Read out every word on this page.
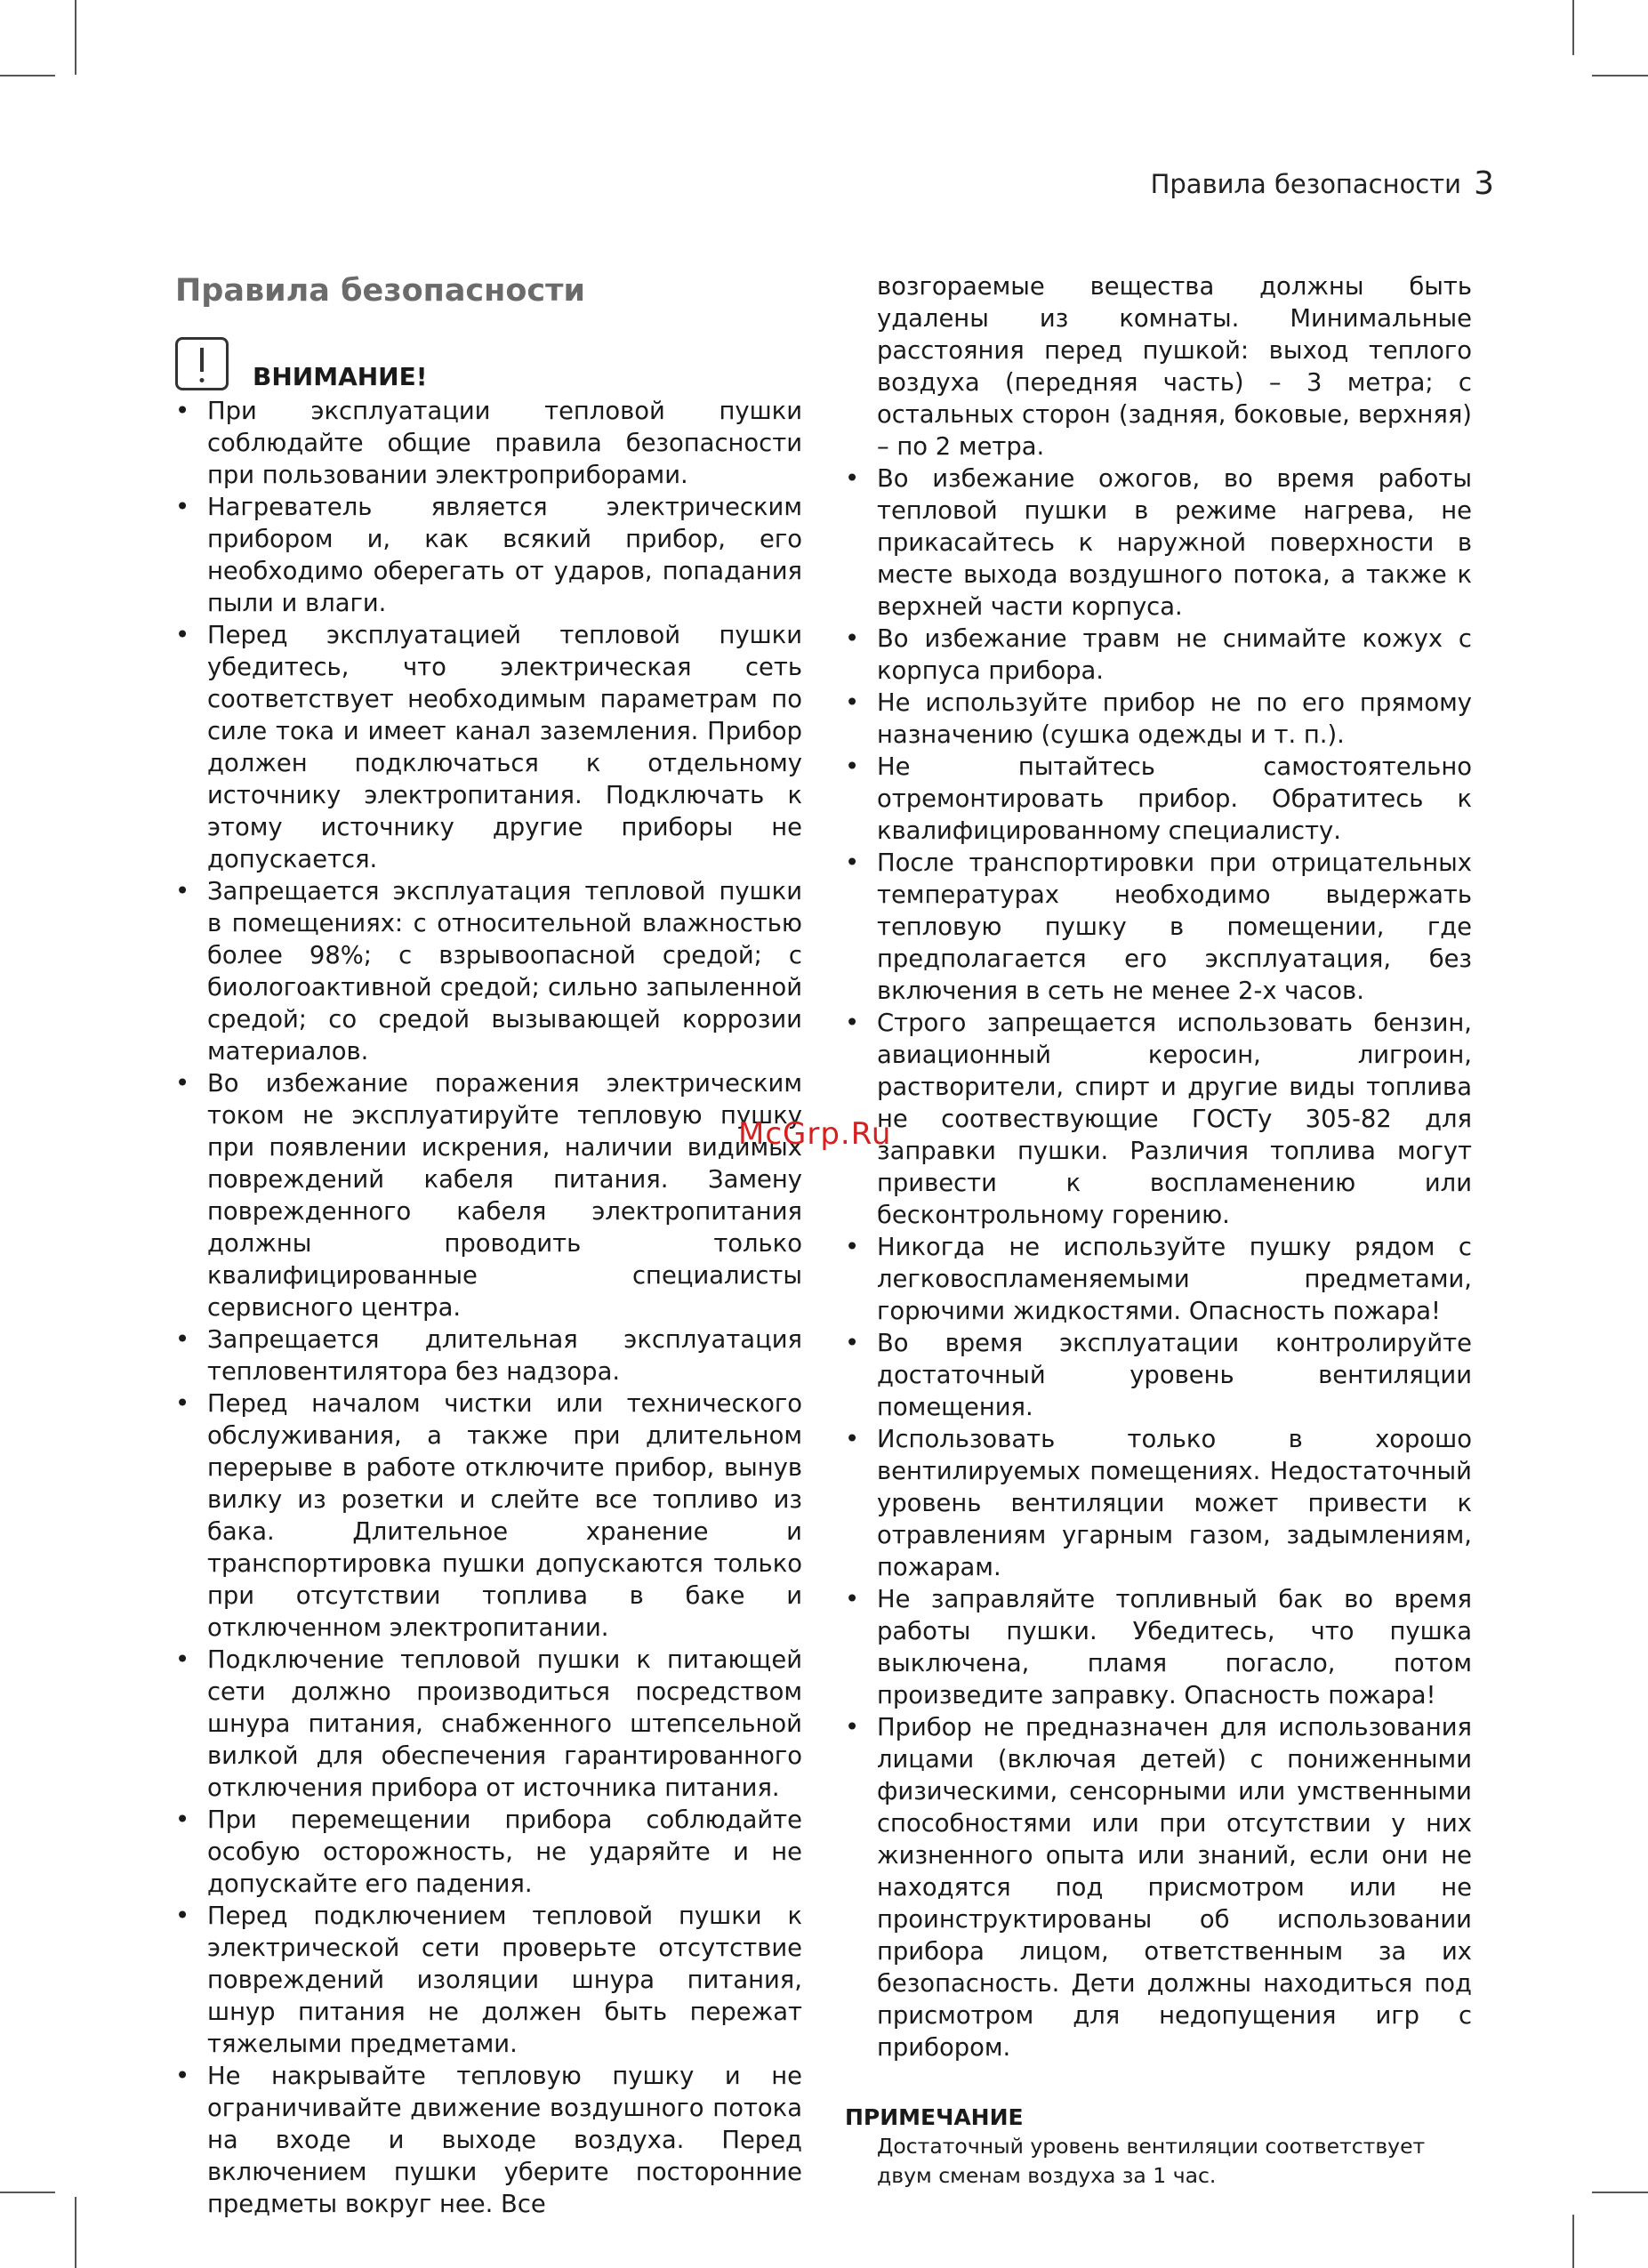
Правила безопасности 3
Правила безопасности
ВНИМАНИЕ!
• При эксплуатации тепловой пушки соблюдайте общие правила безопасности при пользовании электроприборами.
• Нагреватель является электрическим прибором и, как всякий прибор, его необходимо оберегать от ударов, попадания пыли и влаги.
• Перед эксплуатацией тепловой пушки убедитесь, что электрическая сеть соответствует необходимым параметрам по силе тока и имеет канал заземления. Прибор должен подключаться к отдельному источнику электропитания. Подключать к этому источнику другие приборы не допускается.
• Запрещается эксплуатация тепловой пушки в помещениях: с относительной влажностью более 98%; с взрывоопасной средой; с биологоактивной средой; сильно запыленной средой; со средой вызывающей коррозии материалов.
• Во избежание поражения электрическим током не эксплуатируйте тепловую пушку при появлении искрения, наличии видимых повреждений кабеля питания. Замену поврежденного кабеля электропитания должны проводить только квалифицированные специалисты сервисного центра.
• Запрещается длительная эксплуатация тепловентилятора без надзора.
• Перед началом чистки или технического обслуживания, а также при длительном перерыве в работе отключите прибор, вынув вилку из розетки и слейте все топливо из бака. Длительное хранение и транспортировка пушки допускаются только при отсутствии топлива в баке и отключенном электропитании.
• Подключение тепловой пушки к питающей сети должно производиться посредством шнура питания, снабженного штепсельной вилкой для обеспечения гарантированного отключения прибора от источника питания.
• При перемещении прибора соблюдайте особую осторожность, не ударяйте и не допускайте его падения.
• Перед подключением тепловой пушки к электрической сети проверьте отсутствие повреждений изоляции шнура питания, шнур питания не должен быть пережат тяжелыми предметами.
• Не накрывайте тепловую пушку и не ограничивайте движение воздушного потока на входе и выходе воздуха. Перед включением пушки уберите посторонние предметы вокруг нее. Все
возгораемые вещества должны быть удалены из комнаты. Минимальные расстояния перед пушкой: выход теплого воздуха (передняя часть) – 3 метра; с остальных сторон (задняя, боковые, верхняя) – по 2 метра.
• Во избежание ожогов, во время работы тепловой пушки в режиме нагрева, не прикасайтесь к наружной поверхности в месте выхода воздушного потока, а также к верхней части корпуса.
• Во избежание травм не снимайте кожух с корпуса прибора.
• Не используйте прибор не по его прямому назначению (сушка одежды и т. п.).
• Не пытайтесь самостоятельно отремонтировать прибор. Обратитесь к квалифицированному специалисту.
• После транспортировки при отрицательных температурах необходимо выдержать тепловую пушку в помещении, где предполагается его эксплуатация, без включения в сеть не менее 2-х часов.
• Строго запрещается использовать бензин, авиационный керосин, лигроин, растворители, спирт и другие виды топлива не соотвествующие ГОСТу 305-82 для заправки пушки. Различия топлива могут привести к воспламенению или бесконтрольному горению.
• Никогда не используйте пушку рядом с легковоспламеняемыми предметами, горючими жидкостями. Опасность пожара!
• Во время эксплуатации контролируйте достаточный уровень вентиляции помещения.
• Использовать только в хорошо вентилируемых помещениях. Недостаточный уровень вентиляции может привести к отравлениям угарным газом, задымлениям, пожарам.
• Не заправляйте топливный бак во время работы пушки. Убедитесь, что пушка выключена, пламя погасло, потом произведите заправку. Опасность пожара!
• Прибор не предназначен для использования лицами (включая детей) с пониженными физическими, сенсорными или умственными способностями или при отсутствии у них жизненного опыта или знаний, если они не находятся под присмотром или не проинструктированы об использовании прибора лицом, ответственным за их безопасность. Дети должны находиться под присмотром для недопущения игр с прибором.
ПРИМЕЧАНИЕ
Достаточный уровень вентиляции соответствует двум сменам воздуха за 1 час.
McGrp.Ru
